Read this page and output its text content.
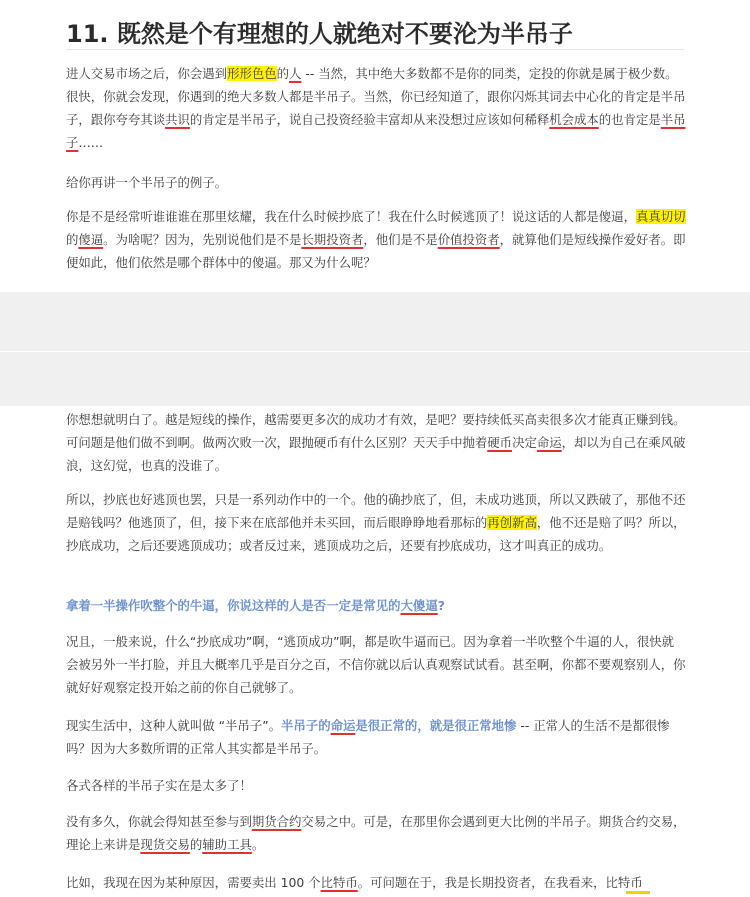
11. 既然是个有理想的人就绝对不要沦为半吊子

进人交易市场之后，你会遇到形形色色的人 -- 当然，其中绝大多数都不是你的同类，定投的你就是属于极少数。很快，你就会发现，你遇到的绝大多数人都是半吊子。当然，你已经知道了，跟你闪烁其词去中心化的肯定是半吊子，跟你夸夸其谈共识的肯定是半吊子，说自己投资经验丰富却从来没想过应该如何稀释机会成本的也肯定是半吊子……

给你再讲一个半吊子的例子。

你是不是经常听谁谁谁在那里炫耀，我在什么时候抄底了！我在什么时候逃顶了！说这话的人都是傻逼，真真切切的傻逼。为啥呢？因为，先别说他们是不是长期投资者，他们是不是价值投资者，就算他们是短线操作爱好者。即便如此，他们依然是哪个群体中的傻逼。那又为什么呢？

你想想就明白了。越是短线的操作，越需要更多次的成功才有效，是吧？要持续低买高卖很多次才能真正赚到钱。可问题是他们做不到啊。做两次败一次，跟抛硬币有什么区别？天天手中抛着硬币决定命运，却以为自己在乘风破浪，这幻觉，也真的没谁了。

所以，抄底也好逃顶也罢，只是一系列动作中的一个。他的确抄底了，但，未成功逃顶，所以又跌破了，那他不还是赔钱吗？他逃顶了，但，接下来在底部他并未买回，而后眼睁睁地看那标的再创新高，他不还是赔了吗？所以，抄底成功，之后还要逃顶成功；或者反过来，逃顶成功之后，还要有抄底成功，这才叫真正的成功。

拿着一半操作吹整个的牛逼，你说这样的人是否一定是常见的大傻逼?

况且，一般来说，什么“抄底成功”啊，“逃顶成功”啊，都是吹牛逼而已。因为拿着一半吹整个牛逼的人，很快就会被另外一半打脸，并且大概率几乎是百分之百，不信你就以后认真观察试试看。甚至啊，你都不要观察别人，你就好好观察定投开始之前的你自己就够了。

现实生活中，这种人就叫做 “半吊子”。半吊子的命运是很正常的，就是很正常地惨 -- 正常人的生活不是都很惨吗？因为大多数所谓的正常人其实都是半吊子。

各式各样的半吊子实在是太多了！

没有多久，你就会得知甚至参与到期货合约交易之中。可是，在那里你会遇到更大比例的半吊子。期货合约交易，理论上来讲是现货交易的辅助工具。

比如，我现在因为某种原因，需要卖出 100 个比特币。可问题在于，我是长期投资者，在我看来，比特币
